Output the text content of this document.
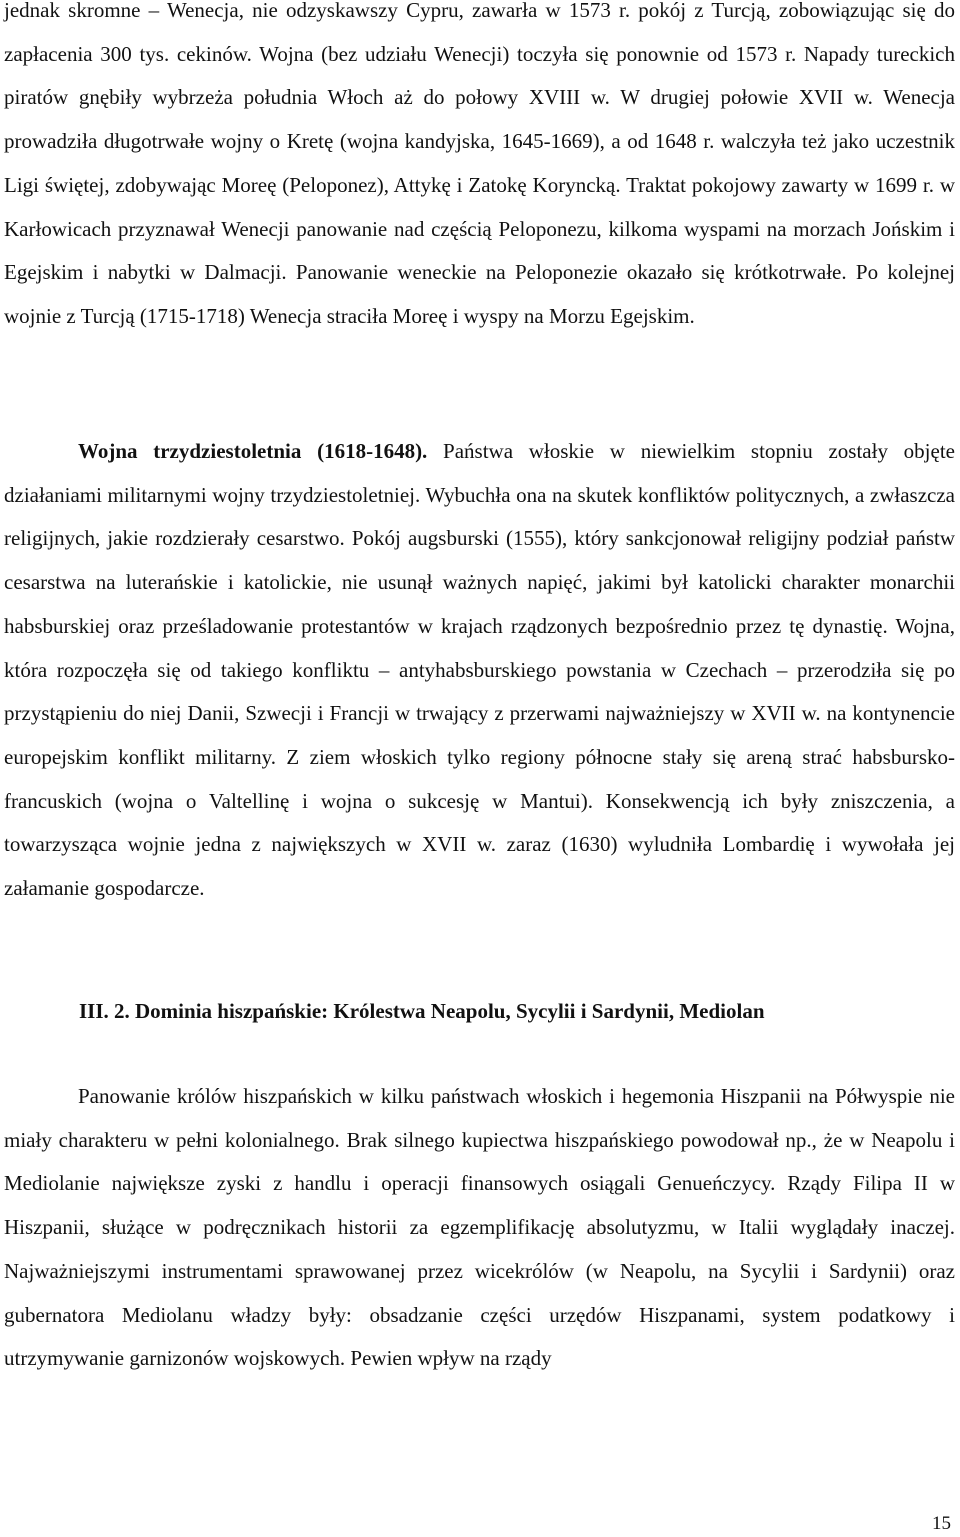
jednak skromne – Wenecja, nie odzyskawszy Cypru, zawarła w 1573 r. pokój z Turcją, zobowiązując się do zapłacenia 300 tys. cekinów. Wojna (bez udziału Wenecji) toczyła się ponownie od 1573 r. Napady tureckich piratów gnębiły wybrzeża południa Włoch aż do połowy XVIII w. W drugiej połowie XVII w. Wenecja prowadziła długotrwałe wojny o Kretę (wojna kandyjska, 1645-1669), a od 1648 r. walczyła też jako uczestnik Ligi świętej, zdobywając Moreę (Peloponez), Attykę i Zatokę Koryncką. Traktat pokojowy zawarty w 1699 r. w Karłowicach przyznawał Wenecji panowanie nad częścią Peloponezu, kilkoma wyspami na morzach Jońskim i Egejskim i nabytki w Dalmacji. Panowanie weneckie na Peloponezie okazało się krótkotrwałe. Po kolejnej wojnie z Turcją (1715-1718) Wenecja straciła Moreę i wyspy na Morzu Egejskim.

Wojna trzydziestoletnia (1618-1648). Państwa włoskie w niewielkim stopniu zostały objęte działaniami militarnymi wojny trzydziestoletniej. Wybuchła ona na skutek konfliktów politycznych, a zwłaszcza religijnych, jakie rozdzierały cesarstwo. Pokój augsburski (1555), który sankcjonował religijny podział państw cesarstwa na luterańskie i katolickie, nie usunął ważnych napięć, jakimi był katolicki charakter monarchii habsburskiej oraz prześladowanie protestantów w krajach rządzonych bezpośrednio przez tę dynastię. Wojna, która rozpoczęła się od takiego konfliktu – antyhabsburskiego powstania w Czechach – przerodziła się po przystąpieniu do niej Danii, Szwecji i Francji w trwający z przerwami najważniejszy w XVII w. na kontynencie europejskim konflikt militarny. Z ziem włoskich tylko regiony północne stały się areną strać habsbursko-francuskich (wojna o Valtellinę i wojna o sukcesję w Mantui). Konsekwencją ich były zniszczenia, a towarzysząca wojnie jedna z największych w XVII w. zaraz (1630) wyludniła Lombardię i wywołała jej załamanie gospodarcze.

III. 2. Dominia hiszpańskie: Królestwa Neapolu, Sycylii i Sardynii, Mediolan

Panowanie królów hiszpańskich w kilku państwach włoskich i hegemonia Hiszpanii na Półwyspie nie miały charakteru w pełni kolonialnego. Brak silnego kupiectwa hiszpańskiego powodował np., że w Neapolu i Mediolanie największe zyski z handlu i operacji finansowych osiągali Genueńczycy. Rządy Filipa II w Hiszpanii, służące w podręcznikach historii za egzemplifikację absolutyzmu, w Italii wyglądały inaczej. Najważniejszymi instrumentami sprawowanej przez wicekrólów (w Neapolu, na Sycylii i Sardynii) oraz gubernatora Mediolanu władzy były: obsadzanie części urzędów Hiszpanami, system podatkowy i utrzymywanie garnizonów wojskowych. Pewien wpływ na rządy

15
